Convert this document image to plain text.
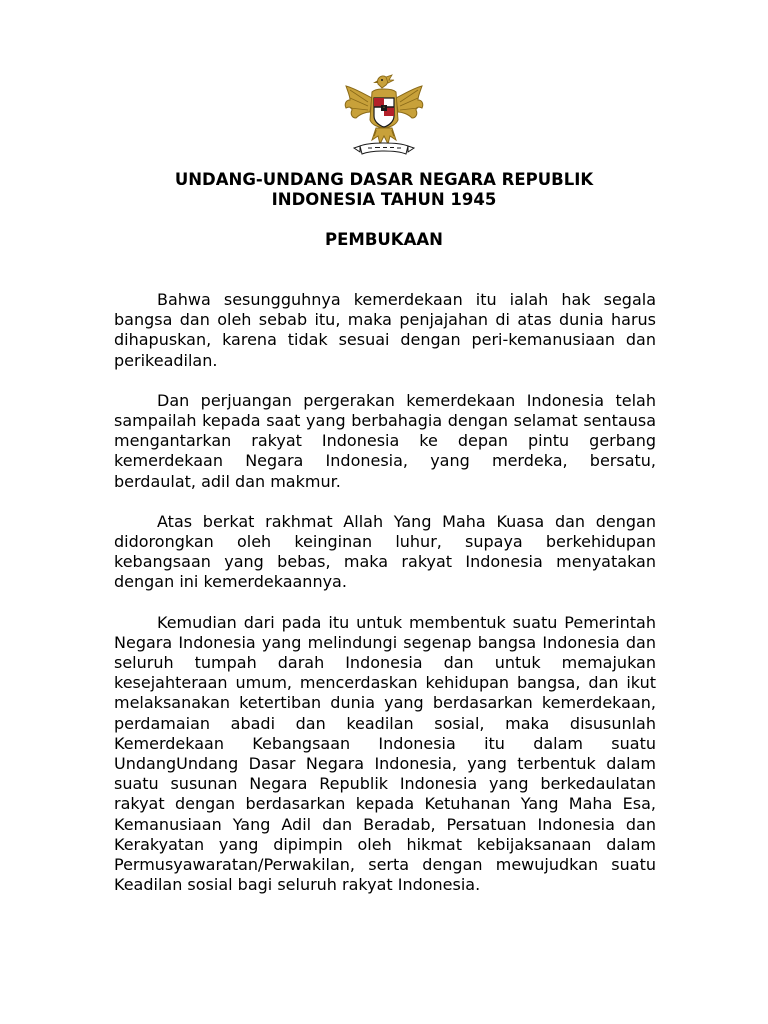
UNDANG-UNDANG DASAR NEGARA REPUBLIK

INDONESIA TAHUN 1945

PEMBUKAAN

Bahwa sesungguhnya kemerdekaan itu ialah hak segala bangsa dan oleh sebab itu, maka penjajahan di atas dunia harus dihapuskan, karena tidak sesuai dengan peri-kemanusiaan dan perikeadilan.

Dan perjuangan pergerakan kemerdekaan Indonesia telah sampailah kepada saat yang berbahagia dengan selamat sentausa mengantarkan rakyat Indonesia ke depan pintu gerbang kemerdekaan Negara Indonesia, yang merdeka, bersatu, berdaulat, adil dan makmur.

Atas berkat rakhmat Allah Yang Maha Kuasa dan dengan didorongkan oleh keinginan luhur, supaya berkehidupan kebangsaan yang bebas, maka rakyat Indonesia menyatakan dengan ini kemerdekaannya.

Kemudian dari pada itu untuk membentuk suatu Pemerintah Negara Indonesia yang melindungi segenap bangsa Indonesia dan seluruh tumpah darah Indonesia dan untuk memajukan kesejahteraan umum, mencerdaskan kehidupan bangsa, dan ikut melaksanakan ketertiban dunia yang berdasarkan kemerdekaan, perdamaian abadi dan keadilan sosial, maka disusunlah Kemerdekaan Kebangsaan Indonesia itu dalam suatu UndangUndang Dasar Negara Indonesia, yang terbentuk dalam suatu susunan Negara Republik Indonesia yang berkedaulatan rakyat dengan berdasarkan kepada Ketuhanan Yang Maha Esa, Kemanusiaan Yang Adil dan Beradab, Persatuan Indonesia dan Kerakyatan yang dipimpin oleh hikmat kebijaksanaan dalam Permusyawaratan/Perwakilan, serta dengan mewujudkan suatu Keadilan sosial bagi seluruh rakyat Indonesia.
